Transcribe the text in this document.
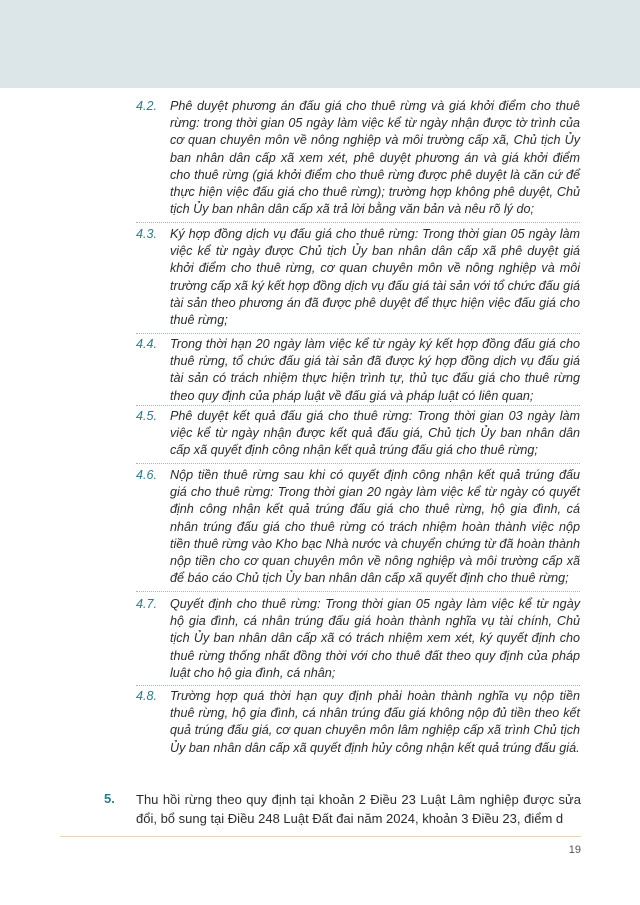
4.2. Phê duyệt phương án đấu giá cho thuê rừng và giá khởi điểm cho thuê rừng: trong thời gian 05 ngày làm việc kể từ ngày nhận được tờ trình của cơ quan chuyên môn về nông nghiệp và môi trường cấp xã, Chủ tịch Ủy ban nhân dân cấp xã xem xét, phê duyệt phương án và giá khởi điểm cho thuê rừng (giá khởi điểm cho thuê rừng được phê duyệt là căn cứ để thực hiện việc đấu giá cho thuê rừng); trường hợp không phê duyệt, Chủ tịch Ủy ban nhân dân cấp xã trả lời bằng văn bản và nêu rõ lý do;
4.3. Ký hợp đồng dịch vụ đấu giá cho thuê rừng: Trong thời gian 05 ngày làm việc kể từ ngày được Chủ tịch Ủy ban nhân dân cấp xã phê duyệt giá khởi điểm cho thuê rừng, cơ quan chuyên môn về nông nghiệp và môi trường cấp xã ký kết hợp đồng dịch vụ đấu giá tài sản với tổ chức đấu giá tài sản theo phương án đã được phê duyệt để thực hiện việc đấu giá cho thuê rừng;
4.4. Trong thời hạn 20 ngày làm việc kể từ ngày ký kết hợp đồng đấu giá cho thuê rừng, tổ chức đấu giá tài sản đã được ký hợp đồng dịch vụ đấu giá tài sản có trách nhiệm thực hiện trình tự, thủ tục đấu giá cho thuê rừng theo quy định của pháp luật về đấu giá và pháp luật có liên quan;
4.5. Phê duyệt kết quả đấu giá cho thuê rừng: Trong thời gian 03 ngày làm việc kể từ ngày nhận được kết quả đấu giá, Chủ tịch Ủy ban nhân dân cấp xã quyết định công nhận kết quả trúng đấu giá cho thuê rừng;
4.6. Nộp tiền thuê rừng sau khi có quyết định công nhận kết quả trúng đấu giá cho thuê rừng: Trong thời gian 20 ngày làm việc kể từ ngày có quyết định công nhận kết quả trúng đấu giá cho thuê rừng, hộ gia đình, cá nhân trúng đấu giá cho thuê rừng có trách nhiệm hoàn thành việc nộp tiền thuê rừng vào Kho bạc Nhà nước và chuyển chứng từ đã hoàn thành nộp tiền cho cơ quan chuyên môn về nông nghiệp và môi trường cấp xã để báo cáo Chủ tịch Ủy ban nhân dân cấp xã quyết định cho thuê rừng;
4.7. Quyết định cho thuê rừng: Trong thời gian 05 ngày làm việc kể từ ngày hộ gia đình, cá nhân trúng đấu giá hoàn thành nghĩa vụ tài chính, Chủ tịch Ủy ban nhân dân cấp xã có trách nhiệm xem xét, ký quyết định cho thuê rừng thống nhất đồng thời với cho thuê đất theo quy định của pháp luật cho hộ gia đình, cá nhân;
4.8. Trường hợp quá thời hạn quy định phải hoàn thành nghĩa vụ nộp tiền thuê rừng, hộ gia đình, cá nhân trúng đấu giá không nộp đủ tiền theo kết quả trúng đấu giá, cơ quan chuyên môn lâm nghiệp cấp xã trình Chủ tịch Ủy ban nhân dân cấp xã quyết định hủy công nhận kết quả trúng đấu giá.
5. Thu hồi rừng theo quy định tại khoản 2 Điều 23 Luật Lâm nghiệp được sửa đổi, bổ sung tại Điều 248 Luật Đất đai năm 2024, khoản 3 Điều 23, điểm d
19
